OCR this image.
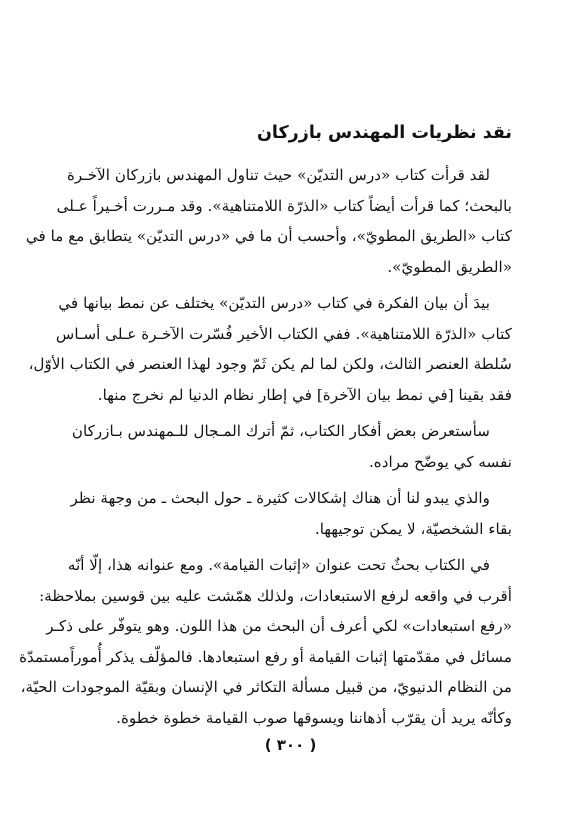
نقد نظريات المهندس بازركان
لقد قرأت كتاب «درس التديّن» حيث تناول المهندس بازركان الآخـرة
بالبحث؛ كما قرأت أيضاً كتاب «الذرّة اللامتناهية». وقد مـررت أخـيراً عـلى
كتاب «الطريق المطويّ»، وأحسب أن ما في «درس التديّن» يتطابق مع ما في
«الطريق المطويّ».
بيدَ أن بيان الفكرة في كتاب «درس التديّن» يختلف عن نمط بيانها في
كتاب «الذرّة اللامتناهية». ففي الكتاب الأخير فُسّرت الآخـرة عـلى أسـاس
سُلطة العنصر الثالث، ولكن لما لم يكن ثَمّ وجود لهذا العنصر في الكتاب الأوّل،
فقد بقينا [في نمط بيان الآخرة] في إطار نظام الدنيا لم نخرج منها.
سأستعرض بعض أفكار الكتاب، ثمّ أترك المـجال للـمهندس بـازركان
نفسه كي يوضّح مراده.
والذي يبدو لنا أن هناك إشكالات كثيرة ـ حول البحث ـ من وجهة نظر
بقاء الشخصيّة، لا يمكن توجيهها.
في الكتاب بحثٌ تحت عنوان «إثبات القيامة». ومع عنوانه هذا، إلّا أنّه
أقرب في واقعه لرفع الاستبعادات، ولذلك همّشت عليه بين قوسين بملاحظة:
«رفع استبعادات» لكي أعرف أن البحث من هذا اللون. وهو يتوفّر على ذكـر
مسائل في مقدّمتها إثبات القيامة أو رفع استبعادها. فالمؤلّف يذكر أُموراًمستمدّة
من النظام الدنيويّ، من قبيل مسألة التكاثر في الإنسان وبقيّة الموجودات الحيّة،
وكأنّه يريد أن يقرّب أذهاننا ويسوقها صوب القيامة خطوة خطوة.
( ٣٠٠ )
